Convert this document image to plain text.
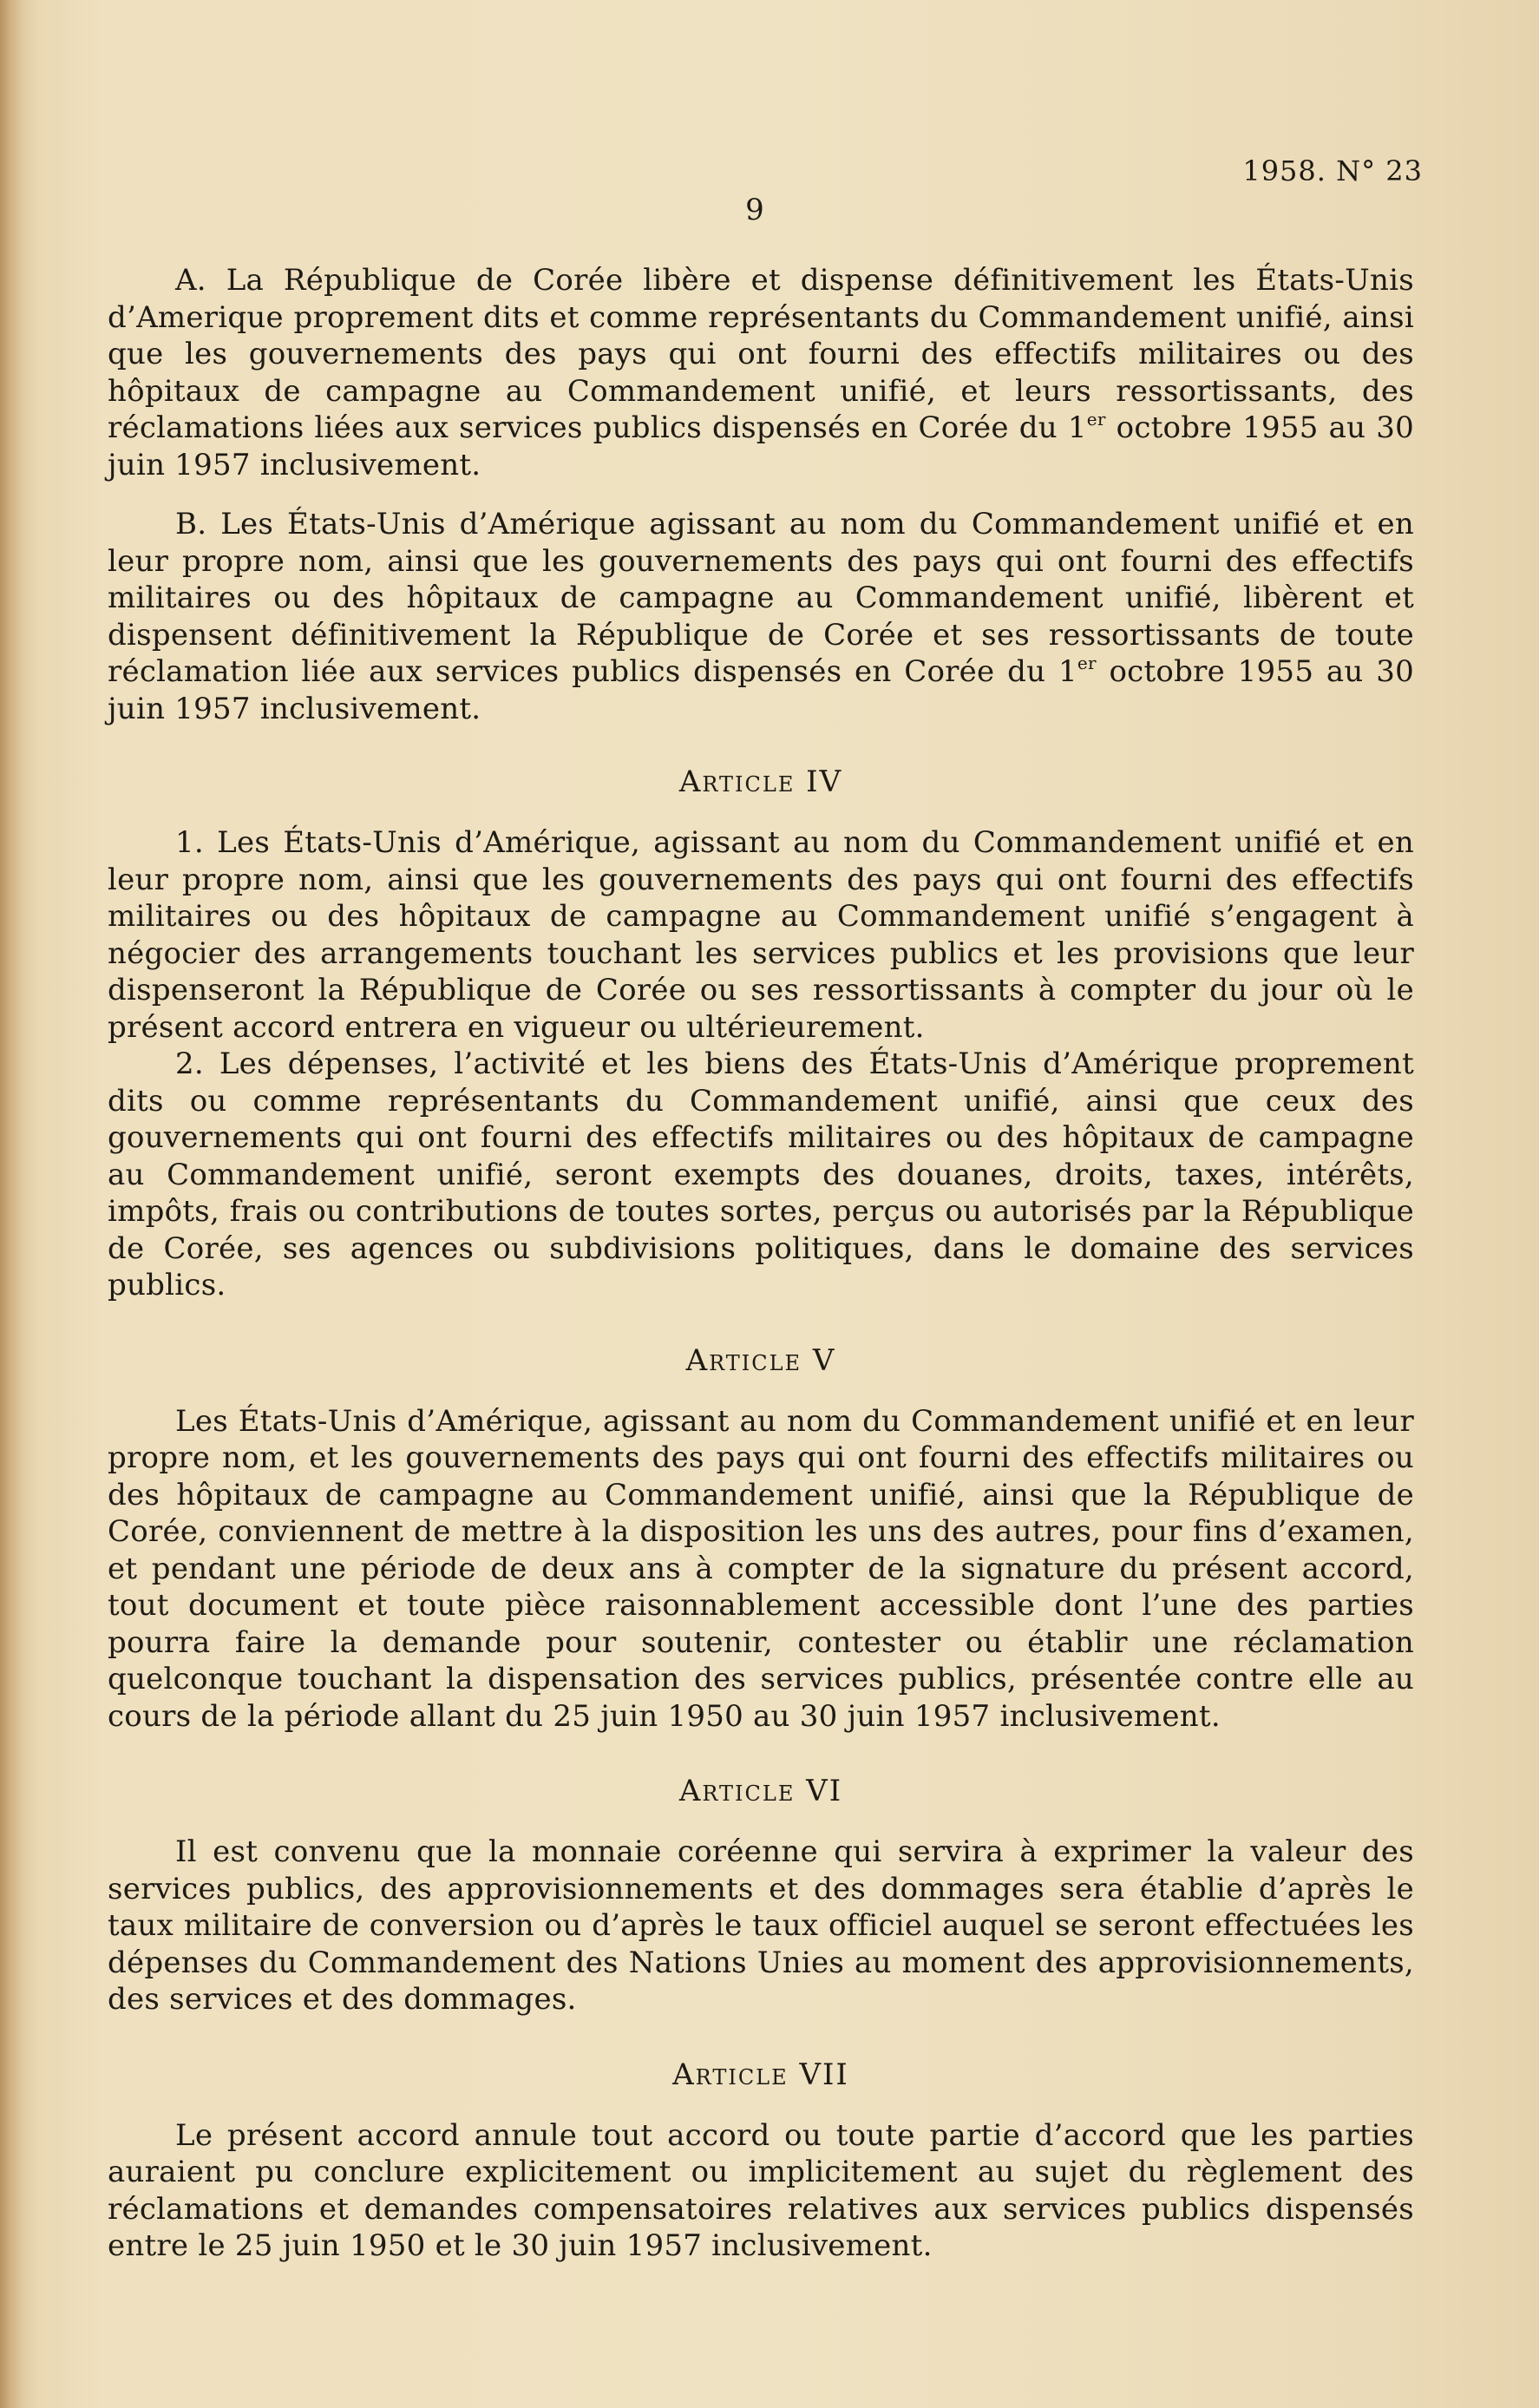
1958. N° 23
9

A. La République de Corée libère et dispense définitivement les États-Unis d’Amerique proprement dits et comme représentants du Commandement unifié, ainsi que les gouvernements des pays qui ont fourni des effectifs militaires ou des hôpitaux de campagne au Commandement unifié, et leurs ressortissants, des réclamations liées aux services publics dispensés en Corée du 1er octobre 1955 au 30 juin 1957 inclusivement.

B. Les États-Unis d’Amérique agissant au nom du Commandement unifié et en leur propre nom, ainsi que les gouvernements des pays qui ont fourni des effectifs militaires ou des hôpitaux de campagne au Commandement unifié, libèrent et dispensent définitivement la République de Corée et ses ressortissants de toute réclamation liée aux services publics dispensés en Corée du 1er octobre 1955 au 30 juin 1957 inclusivement.

Article IV

1. Les États-Unis d’Amérique, agissant au nom du Commandement unifié et en leur propre nom, ainsi que les gouvernements des pays qui ont fourni des effectifs militaires ou des hôpitaux de campagne au Commandement unifié s’engagent à négocier des arrangements touchant les services publics et les provisions que leur dispenseront la République de Corée ou ses ressortissants à compter du jour où le présent accord entrera en vigueur ou ultérieurement.

2. Les dépenses, l’activité et les biens des États-Unis d’Amérique proprement dits ou comme représentants du Commandement unifié, ainsi que ceux des gouvernements qui ont fourni des effectifs militaires ou des hôpitaux de campagne au Commandement unifié, seront exempts des douanes, droits, taxes, intérêts, impôts, frais ou contributions de toutes sortes, perçus ou autorisés par la République de Corée, ses agences ou subdivisions politiques, dans le domaine des services publics.

Article V

Les États-Unis d’Amérique, agissant au nom du Commandement unifié et en leur propre nom, et les gouvernements des pays qui ont fourni des effectifs militaires ou des hôpitaux de campagne au Commandement unifié, ainsi que la République de Corée, conviennent de mettre à la disposition les uns des autres, pour fins d’examen, et pendant une période de deux ans à compter de la signature du présent accord, tout document et toute pièce raisonnablement accessible dont l’une des parties pourra faire la demande pour soutenir, contester ou établir une réclamation quelconque touchant la dispensation des services publics, présentée contre elle au cours de la période allant du 25 juin 1950 au 30 juin 1957 inclusivement.

Article VI

Il est convenu que la monnaie coréenne qui servira à exprimer la valeur des services publics, des approvisionnements et des dommages sera établie d’après le taux militaire de conversion ou d’après le taux officiel auquel se seront effectuées les dépenses du Commandement des Nations Unies au moment des approvisionnements, des services et des dommages.

Article VII

Le présent accord annule tout accord ou toute partie d’accord que les parties auraient pu conclure explicitement ou implicitement au sujet du règlement des réclamations et demandes compensatoires relatives aux services publics dispensés entre le 25 juin 1950 et le 30 juin 1957 inclusivement.
